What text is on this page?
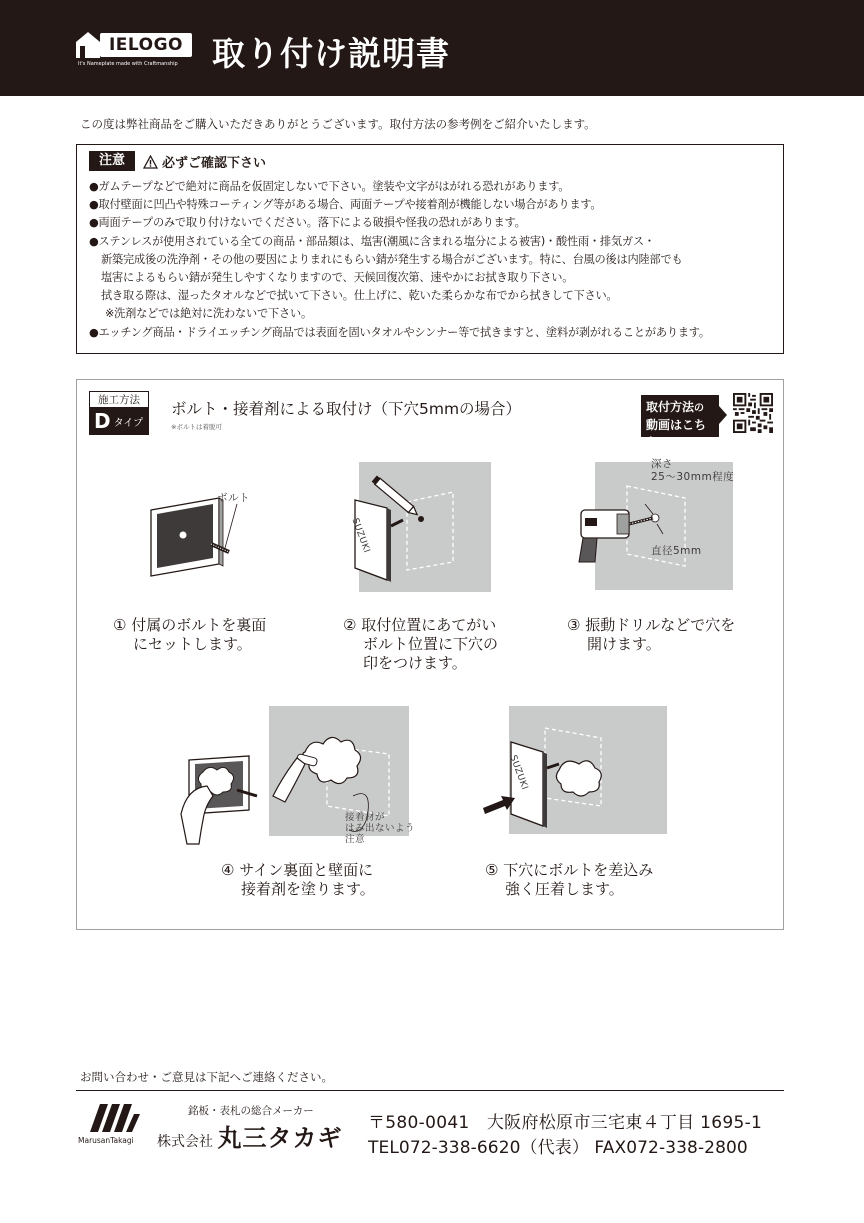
IELOGO
It's Nameplate made with Craftmanship 取り付け説明書
この度は弊社商品をご購入いただきありがとうございます。取付方法の参考例をご紹介いたします。
注意	必ずご確認下さい
●ガムテープなどで絶対に商品を仮固定しないで下さい。塗装や文字がはがれる恐れがあります。
●取付壁面に凹凸や特殊コーティング等がある場合、両面テープや接着剤が機能しない場合があります。
●両面テープのみで取り付けないでください。落下による破損や怪我の恐れがあります。
●ステンレスが使用されている全ての商品・部品類は、塩害(潮風に含まれる塩分による被害)・酸性雨・排気ガス・
新築完成後の洗浄剤・その他の要因によりまれにもらい錆が発生する場合がございます。特に、台風の後は内陸部でも
塩害によるもらい錆が発生しやすくなりますので、天候回復次第、速やかにお拭き取り下さい。
拭き取る際は、湿ったタオルなどで拭いて下さい。仕上げに、乾いた柔らかな布でから拭きして下さい。
※洗剤などでは絶対に洗わないで下さい。
●エッチング商品・ドライエッチング商品では表面を固いタオルやシンナー等で拭きますと、塗料が剥がれることがあります。
施工方法
D タイプ
ボルト・接着剤による取付け（下穴5mmの場合）
※ボルトは着脱可
取付方法の
動画はこちら!
ボルト
SUZUKI
深さ
25～30mm程度
直径5mm
① 付属のボルトを裏面
にセットします。
② 取付位置にあてがい
ボルト位置に下穴の
印をつけます。
③ 振動ドリルなどで穴を
開けます。
接着材が
はみ出ないよう
注意
SUZUKI
④ サイン裏面と壁面に
接着剤を塗ります。
⑤ 下穴にボルトを差込み
強く圧着します。
お問い合わせ・ご意見は下記へご連絡ください。
MarusanTakagi
銘板・表札の総合メーカー
株式会社 丸三タカギ
〒580-0041　大阪府松原市三宅東４丁目 1695-1
TEL072-338-6620（代表） FAX072-338-2800
